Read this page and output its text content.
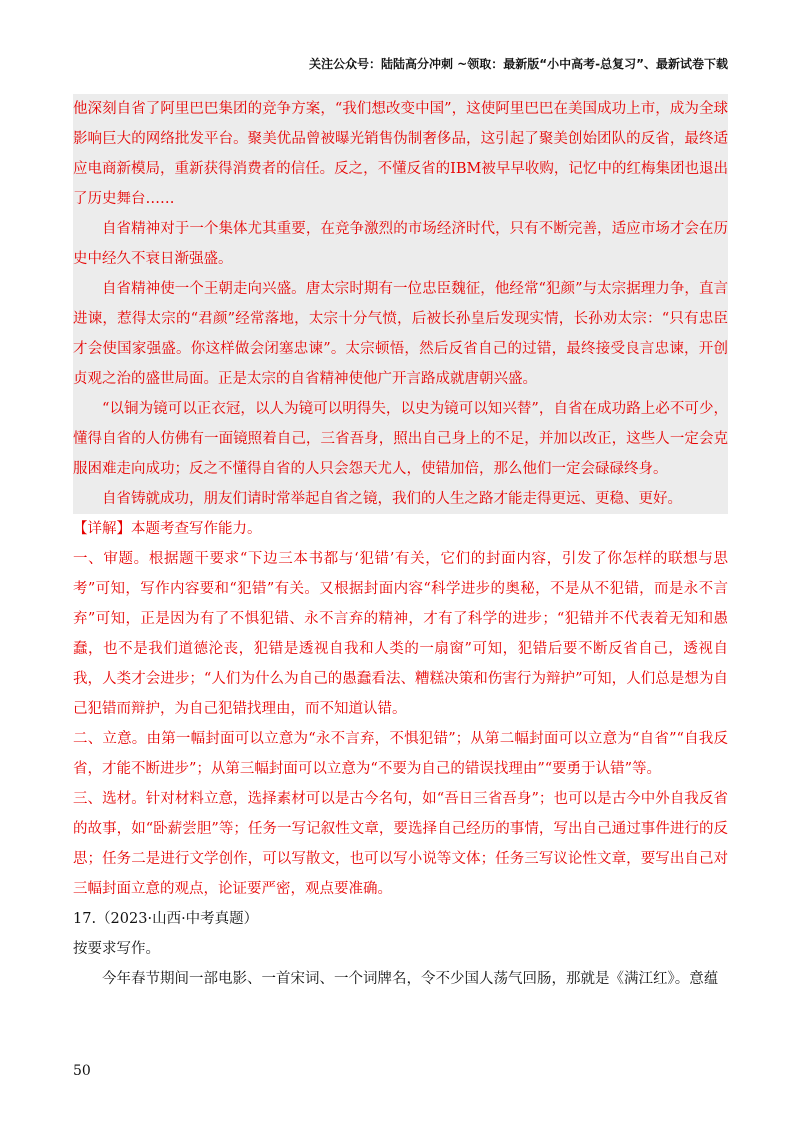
关注公众号：陆陆高分冲刺 ~领取：最新版“小中高考-总复习”、最新试卷下载

他深刻自省了阿里巴巴集团的竞争方案，“我们想改变中国”，这使阿里巴巴在美国成功上市，成为全球影响巨大的网络批发平台。聚美优品曾被曝光销售伪制奢侈品，这引起了聚美创始团队的反省，最终适应电商新模局，重新获得消费者的信任。反之，不懂反省的IBM被早早收购，记忆中的红梅集团也退出了历史舞台……

自省精神对于一个集体尤其重要，在竞争激烈的市场经济时代，只有不断完善，适应市场才会在历史中经久不衰日渐强盛。

自省精神使一个王朝走向兴盛。唐太宗时期有一位忠臣魏征，他经常“犯颜”与太宗据理力争，直言进谏，惹得太宗的“君颜”经常落地，太宗十分气愤，后被长孙皇后发现实情，长孙劝太宗：“只有忠臣才会使国家强盛。你这样做会闭塞忠谏”。太宗顿悟，然后反省自己的过错，最终接受良言忠谏，开创贞观之治的盛世局面。正是太宗的自省精神使他广开言路成就唐朝兴盛。

“以铜为镜可以正衣冠，以人为镜可以明得失，以史为镜可以知兴替”，自省在成功路上必不可少，懂得自省的人仿佛有一面镜照着自己，三省吾身，照出自己身上的不足，并加以改正，这些人一定会克服困难走向成功；反之不懂得自省的人只会怨天尤人，使错加倍，那么他们一定会碌碌终身。

自省铸就成功，朋友们请时常举起自省之镜，我们的人生之路才能走得更远、更稳、更好。

【详解】本题考查写作能力。

一、审题。根据题干要求“下边三本书都与‘犯错’有关，它们的封面内容，引发了你怎样的联想与思考”可知，写作内容要和“犯错”有关。又根据封面内容“科学进步的奥秘，不是从不犯错，而是永不言弃”可知，正是因为有了不惧犯错、永不言弃的精神，才有了科学的进步；“犯错并不代表着无知和愚蠢，也不是我们道德沦丧，犯错是透视自我和人类的一扇窗”可知，犯错后要不断反省自己，透视自我，人类才会进步；“人们为什么为自己的愚蠢看法、糟糕决策和伤害行为辩护”可知，人们总是想为自己犯错而辩护，为自己犯错找理由，而不知道认错。

二、立意。由第一幅封面可以立意为“永不言弃，不惧犯错”；从第二幅封面可以立意为“自省”“自我反省，才能不断进步”；从第三幅封面可以立意为“不要为自己的错误找理由”“要勇于认错”等。

三、选材。针对材料立意，选择素材可以是古今名句，如“吾日三省吾身”；也可以是古今中外自我反省的故事，如“卧薪尝胆”等；任务一写记叙性文章，要选择自己经历的事情，写出自己通过事件进行的反思；任务二是进行文学创作，可以写散文，也可以写小说等文体；任务三写议论性文章，要写出自己对三幅封面立意的观点，论证要严密，观点要准确。

17.（2023·山西·中考真题）

按要求写作。

今年春节期间一部电影、一首宋词、一个词牌名，令不少国人荡气回肠，那就是《满江红》。意蕴

50
